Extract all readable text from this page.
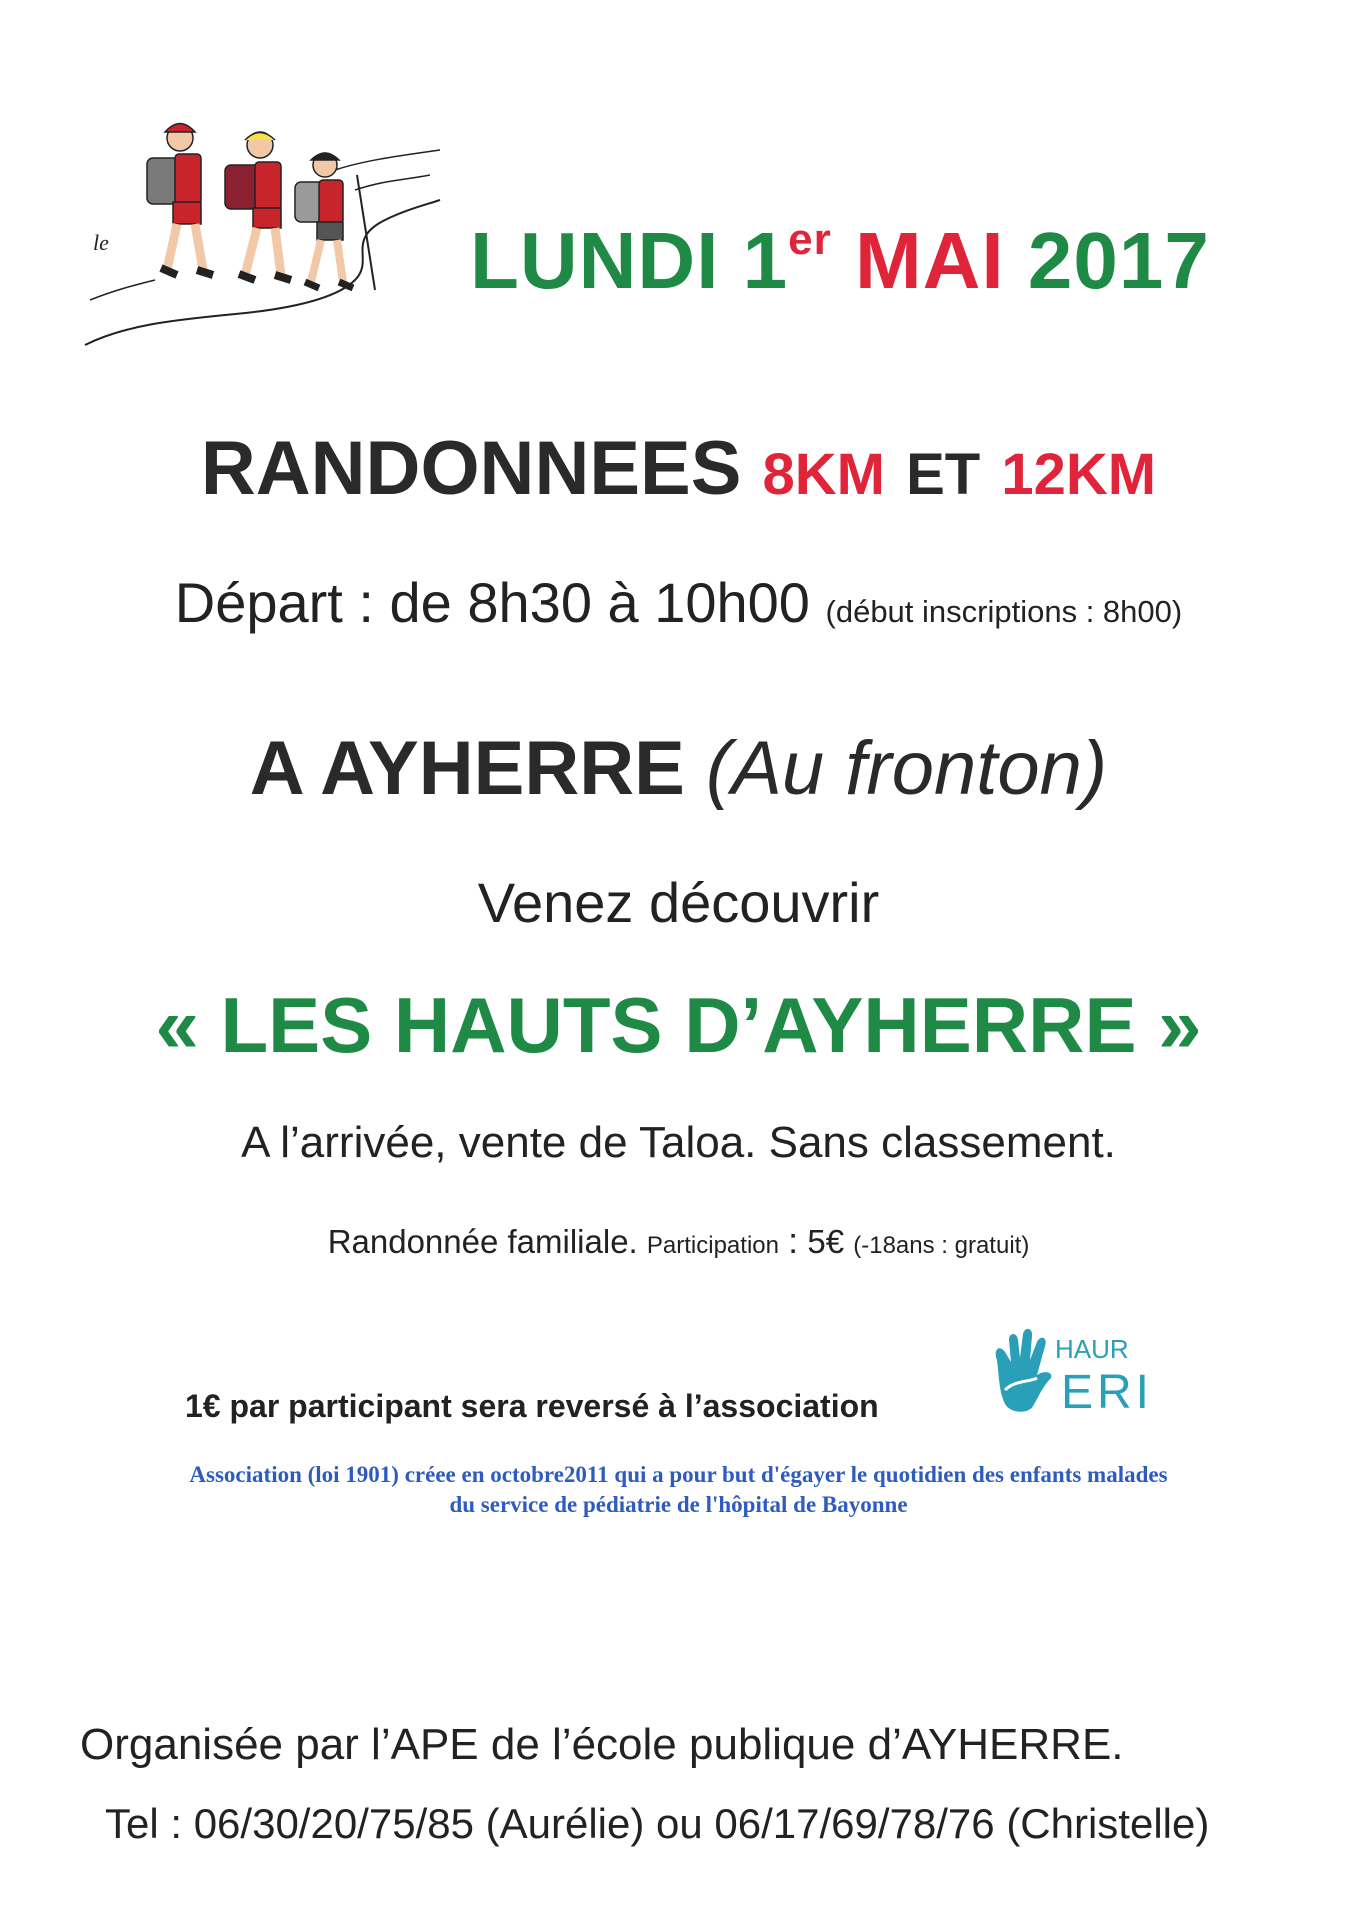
le	LUNDI 1er MAI 2017
RANDONNEES 8KM ET 12KM
Départ : de 8h30 à 10h00 (début inscriptions : 8h00)
A AYHERRE (Au fronton)
Venez découvrir
« LES HAUTS D’AYHERRE »
A l’arrivée, vente de Taloa. Sans classement.
Randonnée familiale. Participation : 5€ (-18ans : gratuit)
1€ par participant sera reversé à l’association
HAUR
ERI
Association (loi 1901) créee en octobre2011 qui a pour but d'égayer le quotidien des enfants malades
du service de pédiatrie de l'hôpital de Bayonne
Organisée par l’APE de l’école publique d’AYHERRE.
Tel : 06/30/20/75/85 (Aurélie) ou 06/17/69/78/76 (Christelle)
